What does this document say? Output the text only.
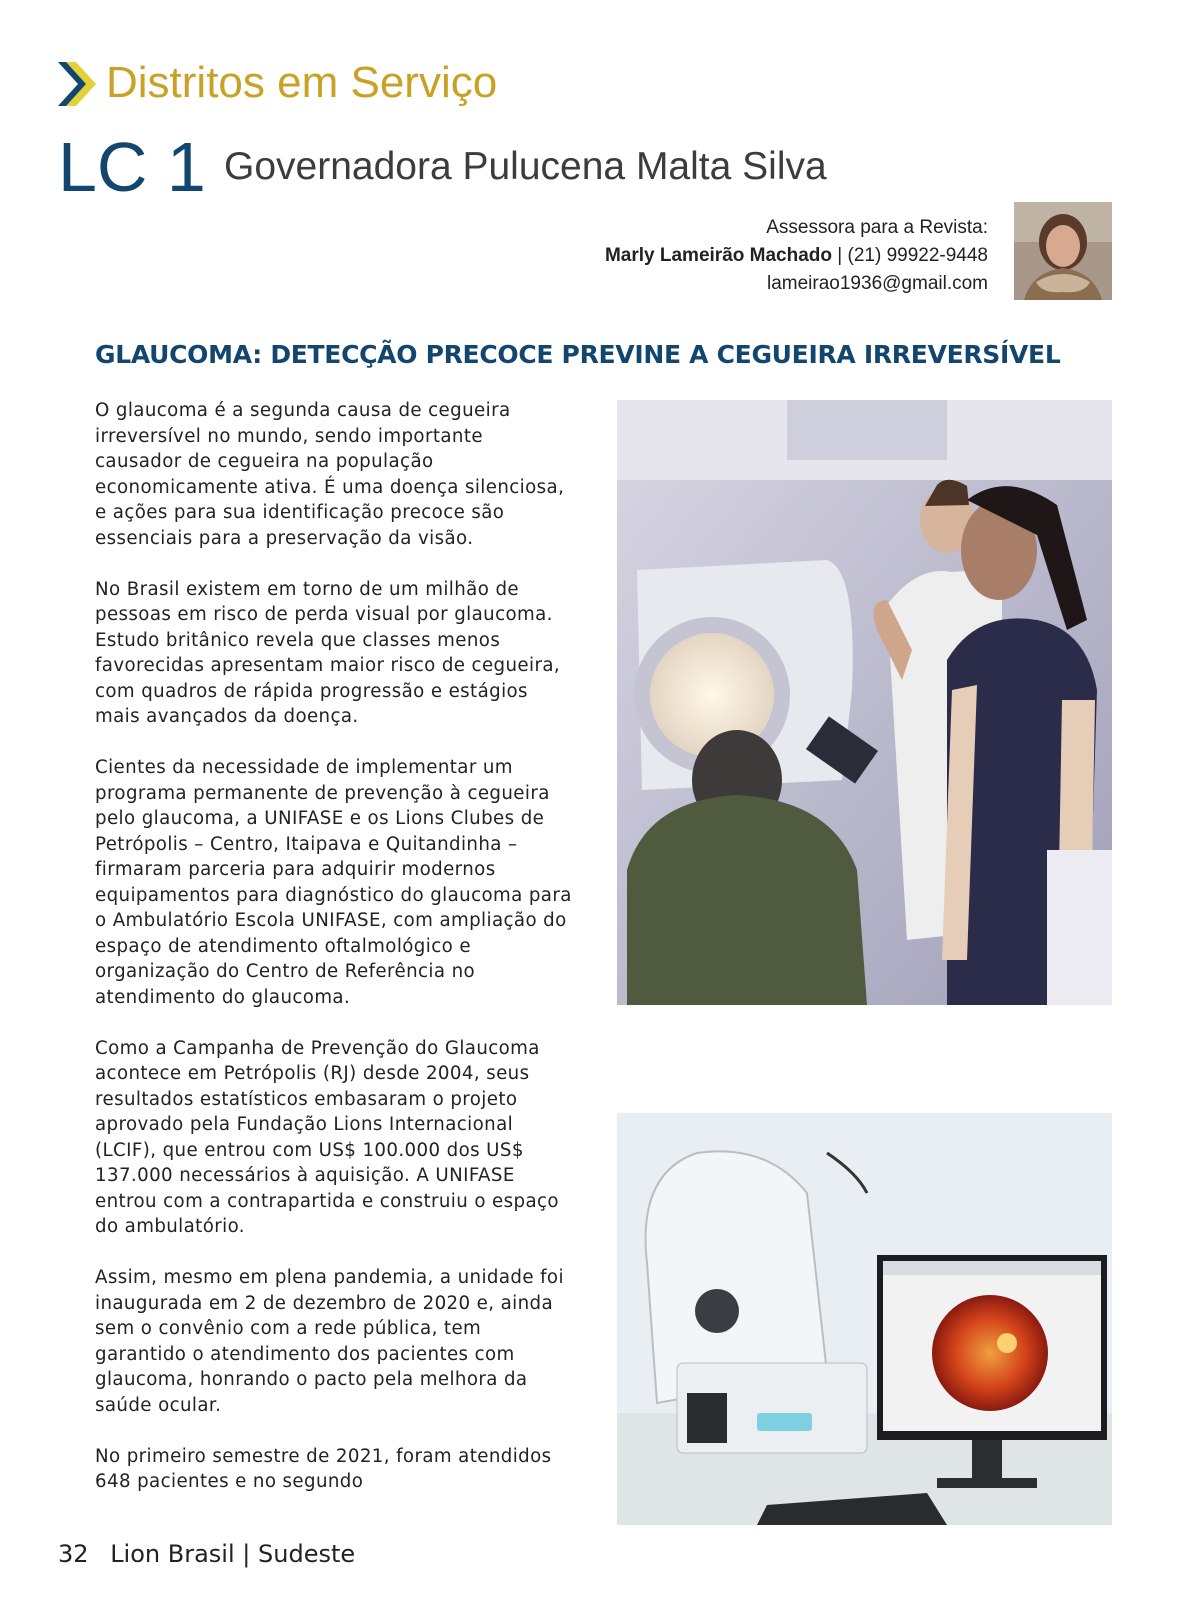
Distritos em Serviço
LC 1 Governadora Pulucena Malta Silva
Assessora para a Revista:
Marly Lameirão Machado | (21) 99922-9448
lameirao1936@gmail.com
GLAUCOMA: DETECÇÃO PRECOCE PREVINE A CEGUEIRA IRREVERSÍVEL

O glaucoma é a segunda causa de cegueira irreversível no mundo, sendo importante causador de cegueira na população economicamente ativa. É uma doença silenciosa, e ações para sua identificação precoce são essenciais para a preservação da visão.

No Brasil existem em torno de um milhão de pessoas em risco de perda visual por glaucoma. Estudo britânico revela que classes menos favorecidas apresentam maior risco de cegueira, com quadros de rápida progressão e estágios mais avançados da doença.

Cientes da necessidade de implementar um programa permanente de prevenção à cegueira pelo glaucoma, a UNIFASE e os Lions Clubes de Petrópolis – Centro, Itaipava e Quitandinha – firmaram parceria para adquirir modernos equipamentos para diagnóstico do glaucoma para o Ambulatório Escola UNIFASE, com ampliação do espaço de atendimento oftalmológico e organização do Centro de Referência no atendimento do glaucoma.

Como a Campanha de Prevenção do Glaucoma acontece em Petrópolis (RJ) desde 2004, seus resultados estatísticos embasaram o projeto aprovado pela Fundação Lions Internacional (LCIF), que entrou com US$ 100.000 dos US$ 137.000 necessários à aquisição. A UNIFASE entrou com a contrapartida e construiu o espaço do ambulatório.

Assim, mesmo em plena pandemia, a unidade foi inaugurada em 2 de dezembro de 2020 e, ainda sem o convênio com a rede pública, tem garantido o atendimento dos pacientes com glaucoma, honrando o pacto pela melhora da saúde ocular.

No primeiro semestre de 2021, foram atendidos 648 pacientes e no segundo

32 Lion Brasil | Sudeste
